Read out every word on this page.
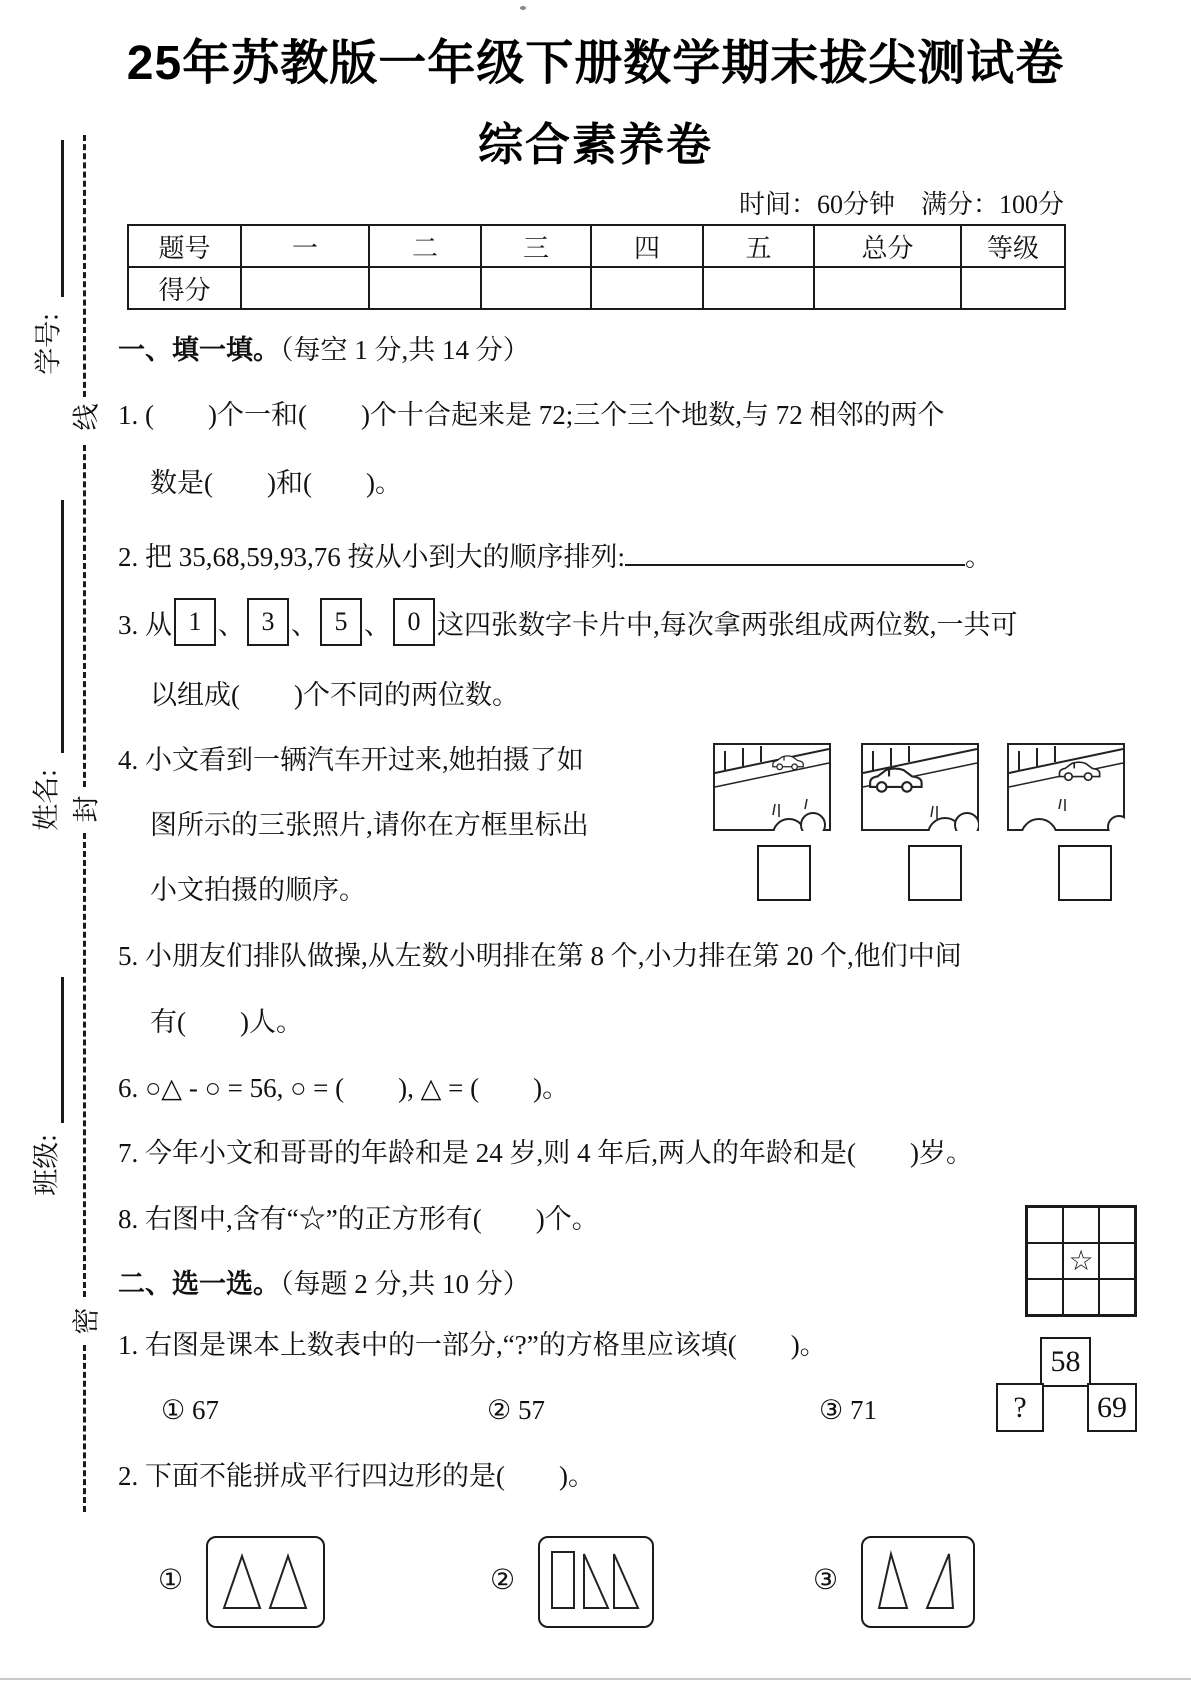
线
封
密
学号:
姓名:
班级:
25年苏教版一年级下册数学期末拔尖测试卷
综合素养卷
时间：60分钟　满分：100分
题号	一	二	三	四	五	总分	等级
得分							
一、填一填。（每空 1 分,共 14 分）
1. (　　)个一和(　　)个十合起来是 72;三个三个地数,与 72 相邻的两个
数是(　　)和(　　)。
2. 把 35,68,59,93,76 按从小到大的顺序排列:	。
3. 从 1 、 3 、 5 、 0 这四张数字卡片中,每次拿两张组成两位数,一共可
以组成(　　)个不同的两位数。
4. 小文看到一辆汽车开过来,她拍摄了如
图所示的三张照片,请你在方框里标出
小文拍摄的顺序。
5. 小朋友们排队做操,从左数小明排在第 8 个,小力排在第 20 个,他们中间
有(　　)人。
6. ○△ - ○ = 56, ○ = (　　), △ = (　　)。
7. 今年小文和哥哥的年龄和是 24 岁,则 4 年后,两人的年龄和是(　　)岁。
8. 右图中,含有“☆”的正方形有(　　)个。
☆
二、选一选。（每题 2 分,共 10 分）
1. 右图是课本上数表中的一部分,“?”的方格里应该填(　　)。	58
?	69
① 67	② 57	③ 71
2. 下面不能拼成平行四边形的是(　　)。
①	②	③
